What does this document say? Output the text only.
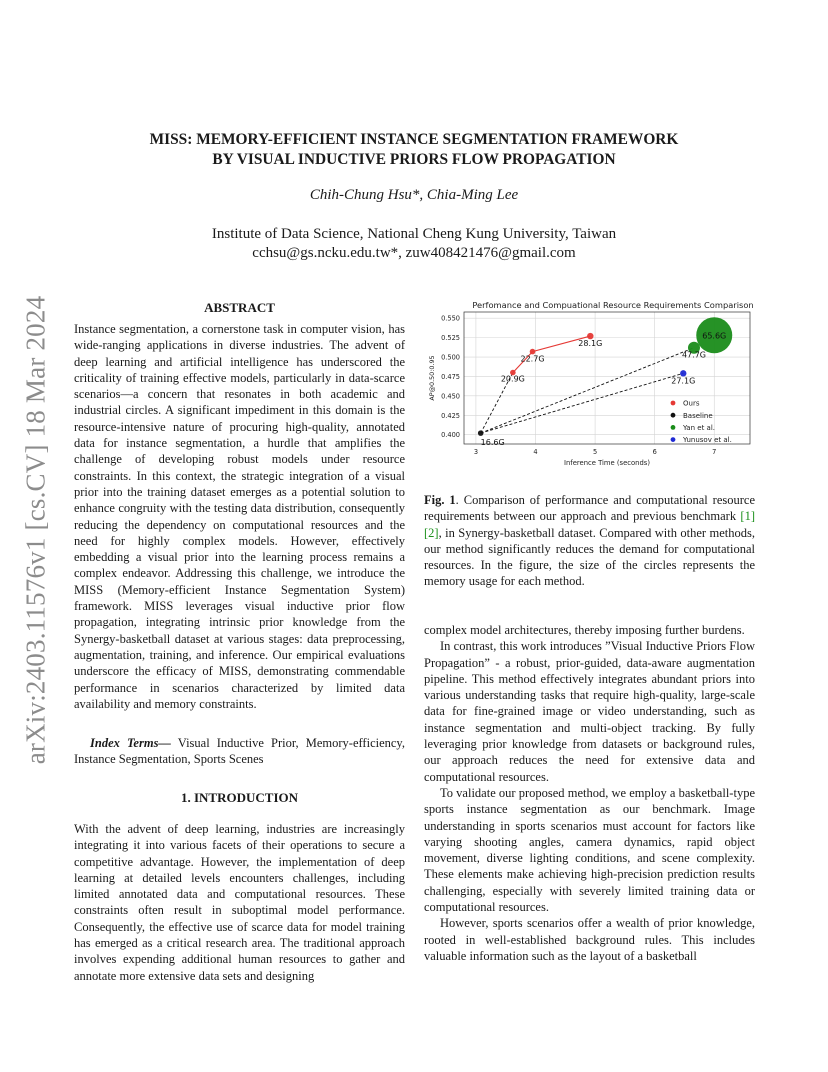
MISS: MEMORY-EFFICIENT INSTANCE SEGMENTATION FRAMEWORK
BY VISUAL INDUCTIVE PRIORS FLOW PROPAGATION
Chih-Chung Hsu*, Chia-Ming Lee
Institute of Data Science, National Cheng Kung University, Taiwan
cchsu@gs.ncku.edu.tw*, zuw408421476@gmail.com
arXiv:2403.11576v1 [cs.CV] 18 Mar 2024	ABSTRACT
Instance segmentation, a cornerstone task in computer vision, has wide-ranging applications in diverse industries. The advent of deep learning and artificial intelligence has underscored the criticality of training effective models, particularly in data-scarce scenarios—a concern that resonates in both academic and industrial circles. A significant impediment in this domain is the resource-intensive nature of procuring high-quality, annotated data for instance segmentation, a hurdle that amplifies the challenge of developing robust models under resource constraints. In this context, the strategic integration of a visual prior into the training dataset emerges as a potential solution to enhance congruity with the testing data distribution, consequently reducing the dependency on computational resources and the need for highly complex models. However, effectively embedding a visual prior into the learning process remains a complex endeavor. Addressing this challenge, we introduce the MISS (Memory-efficient Instance Segmentation System) framework. MISS leverages visual inductive prior flow propagation, integrating intrinsic prior knowledge from the Synergy-basketball dataset at various stages: data preprocessing, augmentation, training, and inference. Our empirical evaluations underscore the efficacy of MISS, demonstrating commendable performance in scenarios characterized by limited data availability and memory constraints.

Index Terms— Visual Inductive Prior, Memory-efficiency, Instance Segmentation, Sports Scenes

1. INTRODUCTION

With the advent of deep learning, industries are increasingly integrating it into various facets of their operations to secure a competitive advantage. However, the implementation of deep learning at detailed levels encounters challenges, including limited annotated data and computational resources. These constraints often result in suboptimal model performance. Consequently, the effective use of scarce data for model training has emerged as a critical research area. The traditional approach involves expending additional human resources to gather and annotate more extensive data sets and designing

Perfomance and Compuational Resource Requirements Comparison
0.400
0.425
0.450
0.475
0.500
0.525
0.550
3	4	5	6	7
Inference Time (seconds)
AP@0.50:0.95	20.9G
22.7G
28.1G
16.6G
47.7G
65.6G
27.1G
Ours
Baseline
Yan et al.
Yunusov et al.
Fig. 1. Comparison of performance and computational resource requirements between our approach and previous benchmark [1][2], in Synergy-basketball dataset. Compared with other methods, our method significantly reduces the demand for computational resources. In the figure, the size of the circles represents the memory usage for each method.

complex model architectures, thereby imposing further burdens.

In contrast, this work introduces ”Visual Inductive Priors Flow Propagation” - a robust, prior-guided, data-aware augmentation pipeline. This method effectively integrates abundant priors into various understanding tasks that require high-quality, large-scale data for fine-grained image or video understanding, such as instance segmentation and multi-object tracking. By fully leveraging prior knowledge from datasets or background rules, our approach reduces the need for extensive data and computational resources.

To validate our proposed method, we employ a basketball-type sports instance segmentation as our benchmark. Image understanding in sports scenarios must account for factors like varying shooting angles, camera dynamics, rapid object movement, diverse lighting conditions, and scene complexity. These elements make achieving high-precision prediction results challenging, especially with severely limited training data or computational resources.

However, sports scenarios offer a wealth of prior knowledge, rooted in well-established background rules. This includes valuable information such as the layout of a basketball
